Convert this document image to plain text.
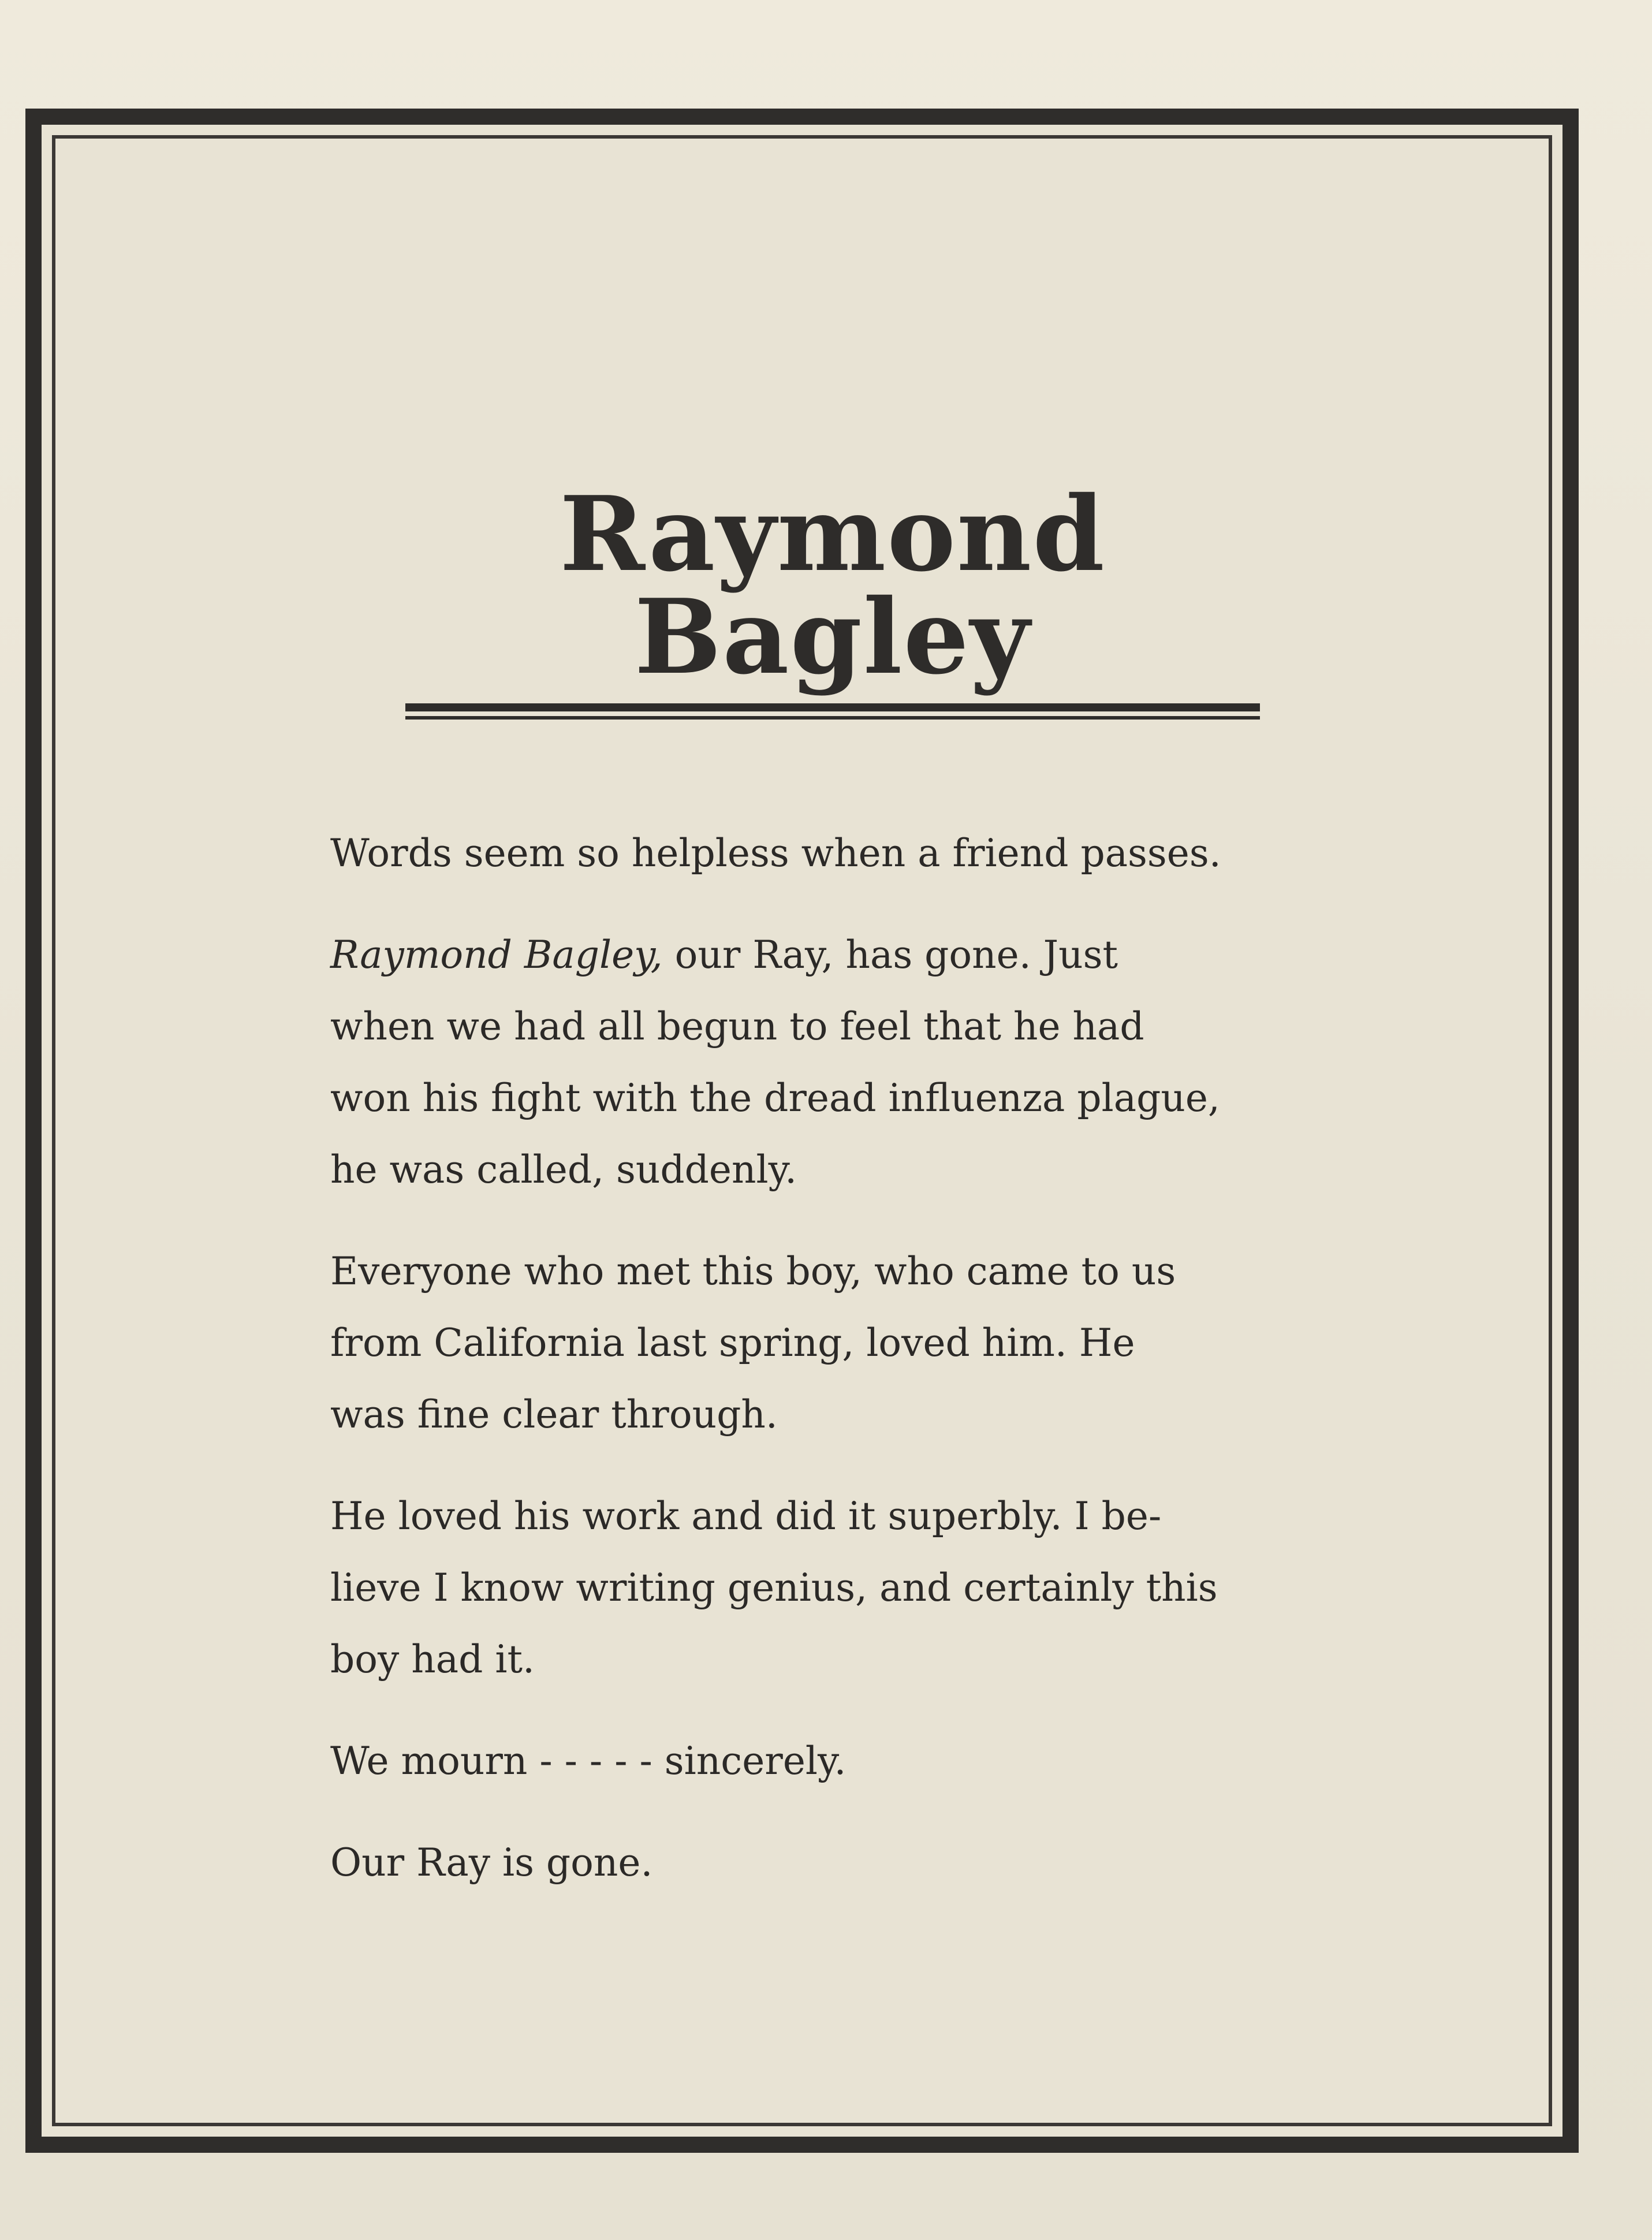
Raymond Bagley

Words seem so helpless when a friend passes.

Raymond Bagley, our Ray, has gone. Just
when we had all begun to feel that he had
won his fight with the dread influenza plague,
he was called, suddenly.

Everyone who met this boy, who came to us
from California last spring, loved him. He
was fine clear through.

He loved his work and did it superbly. I be-
lieve I know writing genius, and certainly this
boy had it.

We mourn - - - - - sincerely.

Our Ray is gone.
